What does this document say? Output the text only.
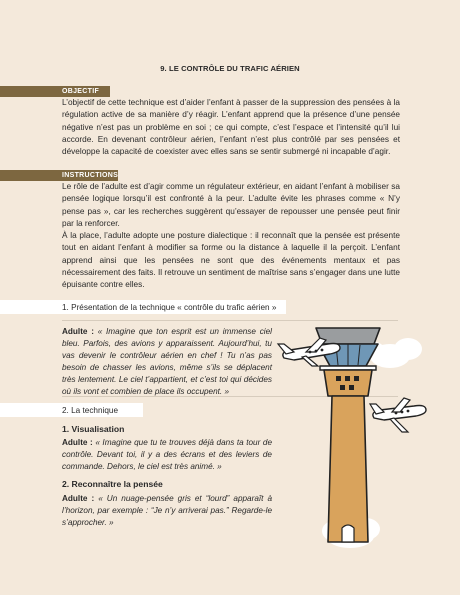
9. LE CONTRÔLE DU TRAFIC AÉRIEN
OBJECTIF

L’objectif de cette technique est d’aider l’enfant à passer de la suppression des pensées à la régulation active de sa manière d’y réagir. L’enfant apprend que la présence d’une pensée négative n’est pas un problème en soi ; ce qui compte, c’est l’espace et l’intensité qu’il lui accorde. En devenant contrôleur aérien, l’enfant n’est plus contrôlé par ses pensées et développe la capacité de coexister avec elles sans se sentir submergé ni incapable d’agir.

INSTRUCTIONS

Le rôle de l’adulte est d’agir comme un régulateur extérieur, en aidant l’enfant à mobiliser sa pensée logique lorsqu’il est confronté à la peur. L’adulte évite les phrases comme « N’y pense pas », car les recherches suggèrent qu’essayer de repousser une pensée peut finir par la renforcer.

À la place, l’adulte adopte une posture dialectique : il reconnaît que la pensée est présente tout en aidant l’enfant à modifier sa forme ou la distance à laquelle il la perçoit. L’enfant apprend ainsi que les pensées ne sont que des événements mentaux et pas nécessairement des faits. Il retrouve un sentiment de maîtrise sans s’engager dans une lutte épuisante contre elles.

1. Présentation de la technique « contrôle du trafic aérien »

Adulte : « Imagine que ton esprit est un immense ciel bleu. Parfois, des avions y apparaissent. Aujourd’hui, tu vas devenir le contrôleur aérien en chef ! Tu n’as pas besoin de chasser les avions, même s’ils se déplacent très lentement. Le ciel t’appartient, et c’est toi qui décides où ils vont et combien de place ils occupent. »

2. La technique
1. Visualisation

Adulte : « Imagine que tu te trouves déjà dans ta tour de contrôle. Devant toi, il y a des écrans et des leviers de commande. Dehors, le ciel est très animé. »

2. Reconnaître la pensée

Adulte : « Un nuage-pensée gris et “lourd” apparaît à l’horizon, par exemple : “Je n’y arriverai pas.” Regarde-le s’approcher. »
